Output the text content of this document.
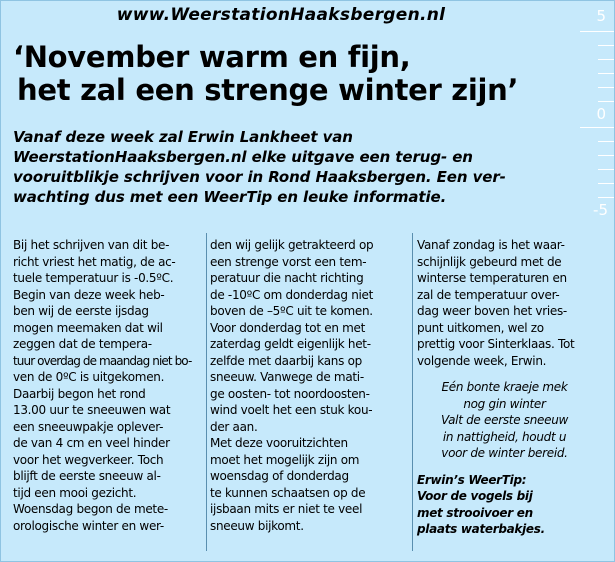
5
0
-5
www.WeerstationHaaksbergen.nl
‘November warm en fijn,
het zal een strenge winter zijn’
Vanaf deze week zal Erwin Lankheet van
WeerstationHaaksbergen.nl elke uitgave een terug- en
vooruitblikje schrijven voor in Rond Haaksbergen. Een ver-
wachting dus met een WeerTip en leuke informatie.

Bij het schrijven van dit be-

richt vriest het matig, de ac-

tuele temperatuur is -0.5ºC.

Begin van deze week heb-

ben wij de eerste ijsdag

mogen meemaken dat wil

zeggen dat de tempera-

tuur overdag de maandag niet bo-

ven de 0ºC is uitgekomen.

Daarbij begon het rond

13.00 uur te sneeuwen wat

een sneeuwpakje oplever-

de van 4 cm en veel hinder

voor het wegverkeer. Toch

blijft de eerste sneeuw al-

tijd een mooi gezicht.

Woensdag begon de mete-

orologische winter en wer-

den wij gelijk getrakteerd op

een strenge vorst een tem-

peratuur die nacht richting

de -10ºC om donderdag niet

boven de –5ºC uit te komen.

Voor donderdag tot en met

zaterdag geldt eigenlijk het-

zelfde met daarbij kans op

sneeuw. Vanwege de mati-

ge oosten- tot noordoosten-

wind voelt het een stuk kou-

der aan.

Met deze vooruitzichten

moet het mogelijk zijn om

woensdag of donderdag

te kunnen schaatsen op de

ijsbaan mits er niet te veel

sneeuw bijkomt.

Vanaf zondag is het waar-

schijnlijk gebeurd met de

winterse temperaturen en

zal de temperatuur over-

dag weer boven het vries-

punt uitkomen, wel zo

prettig voor Sinterklaas. Tot

volgende week, Erwin.

Eén bonte kraeje mek

nog gin winter

Valt de eerste sneeuw

in nattigheid, houdt u

voor de winter bereid.

Erwin’s WeerTip:

Voor de vogels bij

met strooivoer en

plaats waterbakjes.
